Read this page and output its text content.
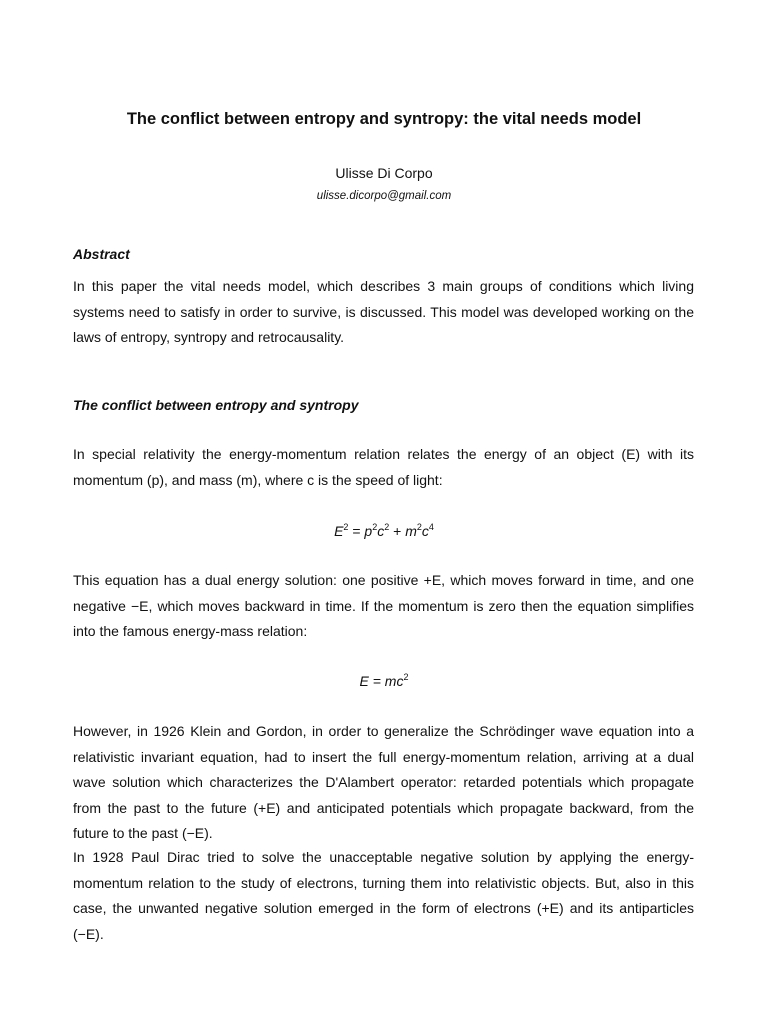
The conflict between entropy and syntropy: the vital needs model
Ulisse Di Corpo
ulisse.dicorpo@gmail.com
Abstract
In this paper the vital needs model, which describes 3 main groups of conditions which living systems need to satisfy in order to survive, is discussed. This model was developed working on the laws of entropy, syntropy and retrocausality.
The conflict between entropy and syntropy
In special relativity the energy-momentum relation relates the energy of an object (E) with its momentum (p), and mass (m), where c is the speed of light:
$E^2 = p^2c^2 + m^2c^4$
This equation has a dual energy solution: one positive +E, which moves forward in time, and one negative −E, which moves backward in time. If the momentum is zero then the equation simplifies into the famous energy-mass relation:
$E = mc^2$
However, in 1926 Klein and Gordon, in order to generalize the Schrödinger wave equation into a relativistic invariant equation, had to insert the full energy-momentum relation, arriving at a dual wave solution which characterizes the D'Alambert operator: retarded potentials which propagate from the past to the future (+E) and anticipated potentials which propagate backward, from the future to the past (−E).
In 1928 Paul Dirac tried to solve the unacceptable negative solution by applying the energy-momentum relation to the study of electrons, turning them into relativistic objects. But, also in this case, the unwanted negative solution emerged in the form of electrons (+E) and its antiparticles (−E).
